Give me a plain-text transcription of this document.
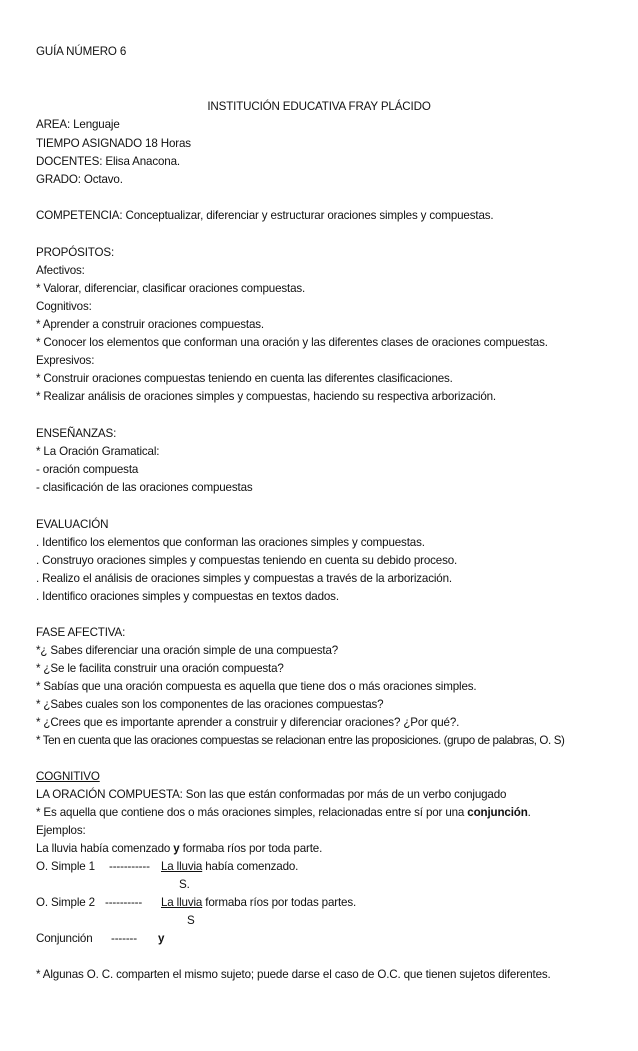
GUÍA NÚMERO 6
INSTITUCIÓN EDUCATIVA FRAY PLÁCIDO
AREA: Lenguaje
TIEMPO ASIGNADO 18 Horas
DOCENTES: Elisa Anacona.
GRADO: Octavo.
COMPETENCIA: Conceptualizar, diferenciar y estructurar oraciones simples y compuestas.
PROPÓSITOS:
Afectivos:
* Valorar, diferenciar, clasificar oraciones compuestas.
Cognitivos:
* Aprender a construir oraciones compuestas.
* Conocer los elementos que conforman una oración y las diferentes clases de oraciones compuestas.
Expresivos:
* Construir oraciones compuestas teniendo en cuenta las diferentes clasificaciones.
* Realizar análisis de oraciones simples y compuestas, haciendo su respectiva arborización.
ENSEÑANZAS:
* La Oración Gramatical:
- oración compuesta
- clasificación de las oraciones compuestas
EVALUACIÓN
. Identifico los elementos que conforman las oraciones simples y compuestas.
. Construyo oraciones simples y compuestas teniendo en cuenta su debido proceso.
. Realizo el análisis de oraciones simples y compuestas a través de la arborización.
. Identifico oraciones simples y compuestas en textos dados.
FASE AFECTIVA:
*¿ Sabes diferenciar una oración simple de una compuesta?
* ¿Se le facilita construir una oración compuesta?
* Sabías que una oración compuesta es aquella que tiene dos o más oraciones simples.
* ¿Sabes cuales son los componentes de las oraciones compuestas?
* ¿Crees que es importante aprender a construir y diferenciar oraciones? ¿Por qué?.
* Ten en cuenta que las oraciones compuestas se relacionan entre las proposiciones. (grupo de palabras, O. S)
COGNITIVO
LA ORACIÓN COMPUESTA: Son las que están conformadas por más de un verbo conjugado
* Es aquella que contiene dos o más oraciones simples, relacionadas entre sí por una conjunción.
Ejemplos:
La lluvia había comenzado y formaba ríos por toda parte.
O. Simple 1 ----------- La lluvia había comenzado.
S.
O. Simple 2 ---------- La lluvia formaba ríos por todas partes.
S
Conjunción ------- y
* Algunas O. C. comparten el mismo sujeto; puede darse el caso de O.C. que tienen sujetos diferentes.
